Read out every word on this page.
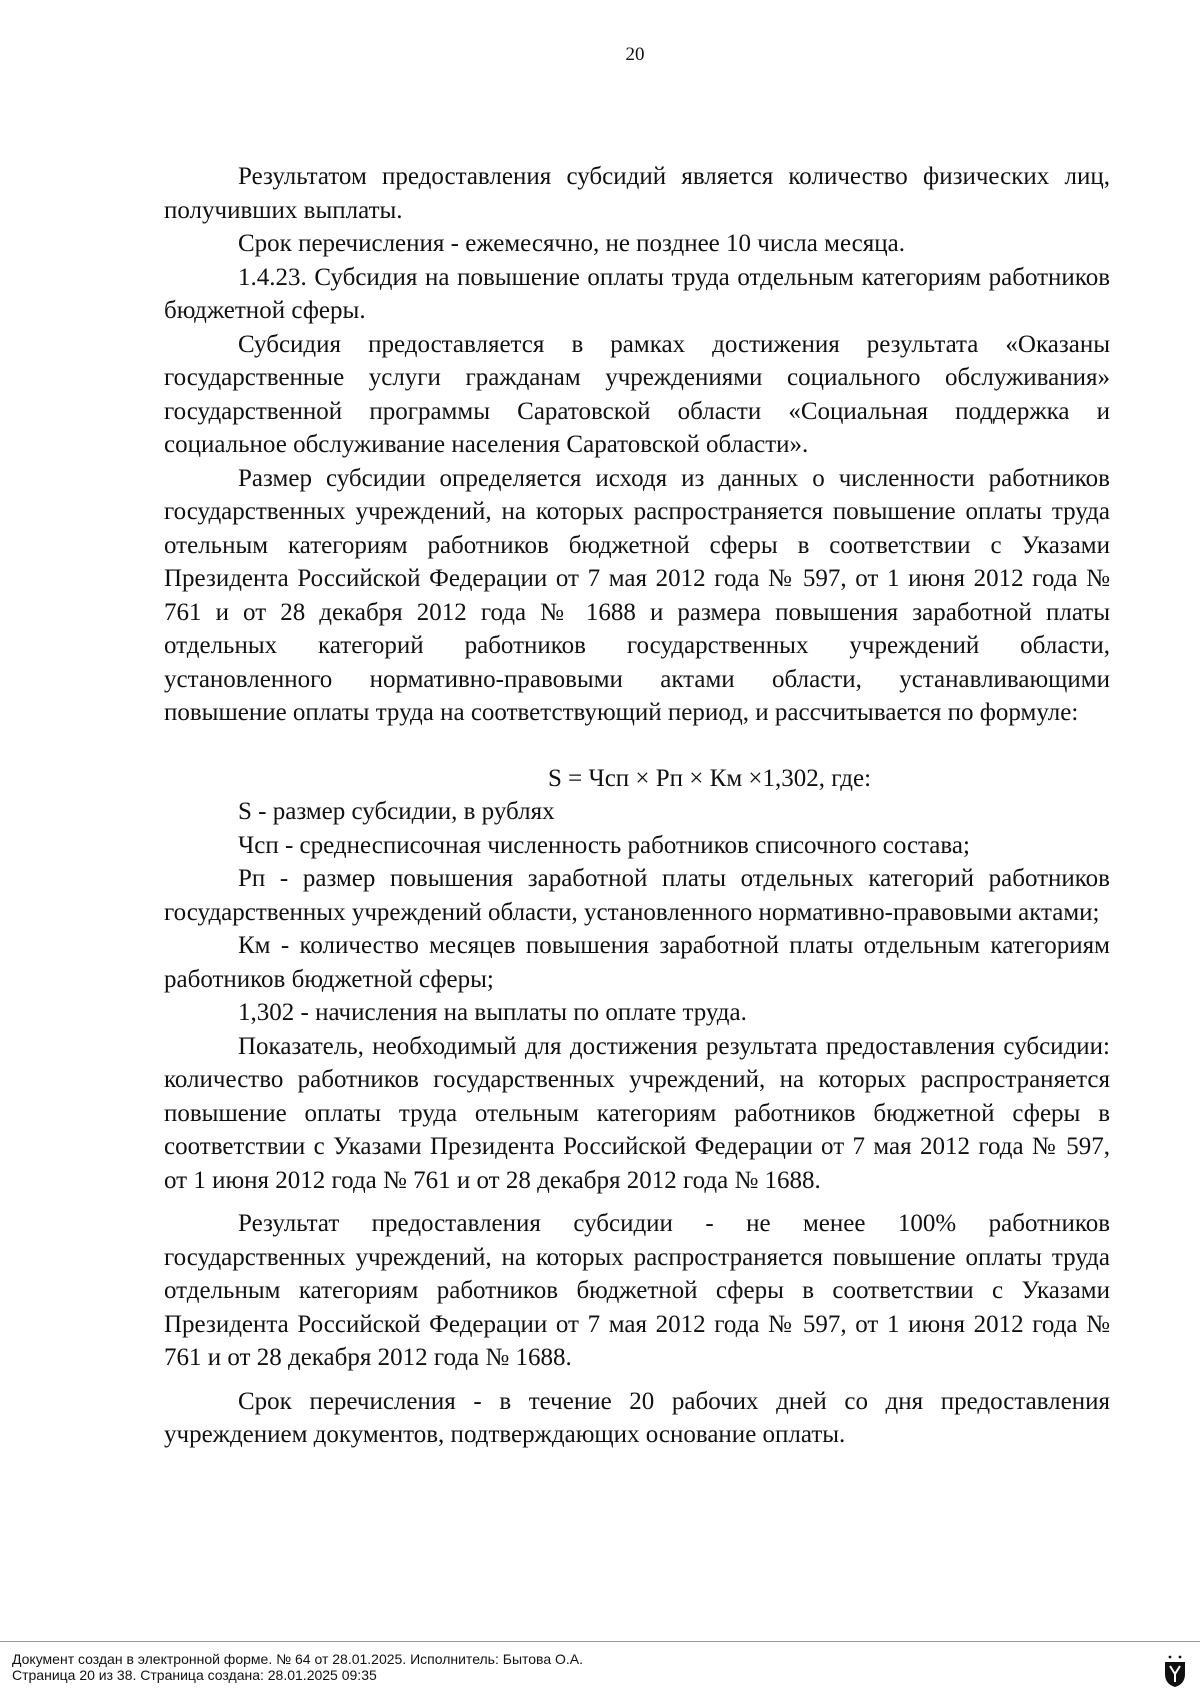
20

Результатом предоставления субсидий является количество физических лиц, получивших выплаты.

Срок перечисления - ежемесячно, не позднее 10 числа месяца.

1.4.23. Субсидия на повышение оплаты труда отдельным категориям работников бюджетной сферы.

Субсидия предоставляется в рамках достижения результата «Оказаны государственные услуги гражданам учреждениями социального обслуживания» государственной программы Саратовской области «Социальная поддержка и социальное обслуживание населения Саратовской области».

Размер субсидии определяется исходя из данных о численности работников государственных учреждений, на которых распространяется повышение оплаты труда отельным категориям работников бюджетной сферы в соответствии с Указами Президента Российской Федерации от 7 мая 2012 года № 597, от 1 июня 2012 года № 761 и от 28 декабря 2012 года № 1688 и размера повышения заработной платы отдельных категорий работников государственных учреждений области, установленного нормативно-правовыми актами области, устанавливающими повышение оплаты труда на соответствующий период, и рассчитывается по формуле:

S = Чсп × Рп × Км ×1,302, где:

S - размер субсидии, в рублях

Чсп - среднесписочная численность работников списочного состава;

Рп - размер повышения заработной платы отдельных категорий работников государственных учреждений области, установленного нормативно-правовыми актами;

Км - количество месяцев повышения заработной платы отдельным категориям работников бюджетной сферы;

1,302 - начисления на выплаты по оплате труда.

Показатель, необходимый для достижения результата предоставления субсидии: количество работников государственных учреждений, на которых распространяется повышение оплаты труда отельным категориям работников бюджетной сферы в соответствии с Указами Президента Российской Федерации от 7 мая 2012 года № 597, от 1 июня 2012 года № 761 и от 28 декабря 2012 года № 1688.

Результат предоставления субсидии - не менее 100% работников государственных учреждений, на которых распространяется повышение оплаты труда отдельным категориям работников бюджетной сферы в соответствии с Указами Президента Российской Федерации от 7 мая 2012 года № 597, от 1 июня 2012 года № 761 и от 28 декабря 2012 года № 1688.

Срок перечисления - в течение 20 рабочих дней со дня предоставления учреждением документов, подтверждающих основание оплаты.

Документ создан в электронной форме. № 64 от 28.01.2025. Исполнитель: Бытова О.А.
Страница 20 из 38. Страница создана: 28.01.2025 09:35
